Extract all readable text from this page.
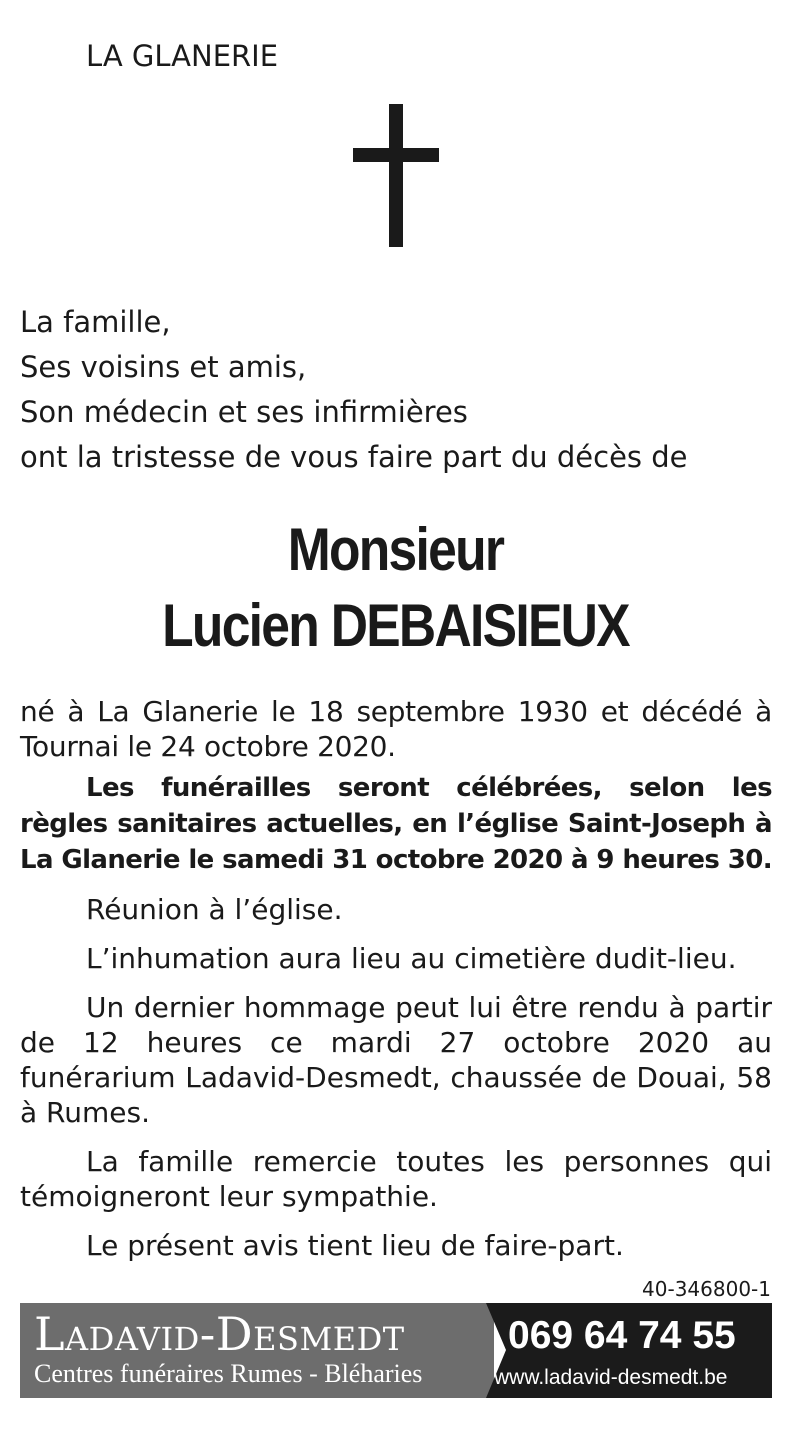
LA GLANERIE
La famille,
Ses voisins et amis,
Son médecin et ses infirmières
ont la tristesse de vous faire part du décès de
Monsieur
Lucien DEBAISIEUX

né à La Glanerie le 18 septembre 1930 et décédé à Tournai le 24 octobre 2020.

Les funérailles seront célébrées, selon les règles sanitaires actuelles, en l’église Saint-Joseph à La Glanerie le samedi 31 octobre 2020 à 9 heures 30.

Réunion à l’église.

L’inhumation aura lieu au cimetière dudit-lieu.

Un dernier hommage peut lui être rendu à partir de 12 heures ce mardi 27 octobre 2020 au funérarium Ladavid-Desmedt, chaussée de Douai, 58 à Rumes.

La famille remercie toutes les personnes qui témoigneront leur sympathie.

Le présent avis tient lieu de faire-part.

40-346800-1
Ladavid-Desmedt
Centres funéraires Rumes - Bléharies
069 64 74 55
www.ladavid-desmedt.be
